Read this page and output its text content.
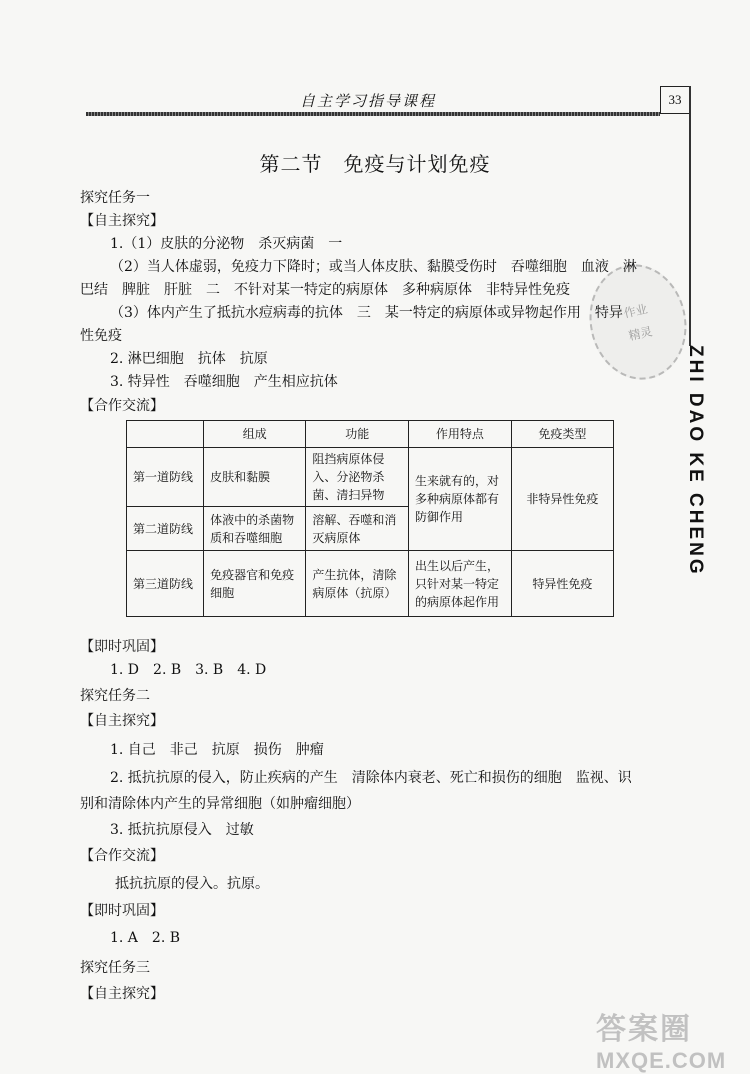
自主学习指导课程	33
ZHI DAO KE CHENG
作业
精灵
第二节　免疫与计划免疫
探究任务一
【自主探究】
1.（1）皮肤的分泌物　杀灭病菌　一
（2）当人体虚弱，免疫力下降时；或当人体皮肤、黏膜受伤时　吞噬细胞　血液　淋
巴结　脾脏　肝脏　二　不针对某一特定的病原体　多种病原体　非特异性免疫
（3）体内产生了抵抗水痘病毒的抗体　三　某一特定的病原体或异物起作用　特异
性免疫
2. 淋巴细胞　抗体　抗原
3. 特异性　吞噬细胞　产生相应抗体
【合作交流】
	组成	功能	作用特点	免疫类型
第一道防线	皮肤和黏膜	阻挡病原体侵入、分泌物杀菌、清扫异物	生来就有的，对多种病原体都有防御作用	非特异性免疫
第二道防线	体液中的杀菌物质和吞噬细胞	溶解、吞噬和消灭病原体		
第三道防线	免疫器官和免疫细胞	产生抗体，清除病原体（抗原）	出生以后产生，只针对某一特定的病原体起作用	特异性免疫
【即时巩固】
1. D　2. B　3. B　4. D
探究任务二
【自主探究】
1. 自己　非己　抗原　损伤　肿瘤
2. 抵抗抗原的侵入，防止疾病的产生　清除体内衰老、死亡和损伤的细胞　监视、识
别和清除体内产生的异常细胞（如肿瘤细胞）
3. 抵抗抗原侵入　过敏
【合作交流】
抵抗抗原的侵入。抗原。
【即时巩固】
1. A　2. B
探究任务三
【自主探究】
答案圈
MXQE.COM
